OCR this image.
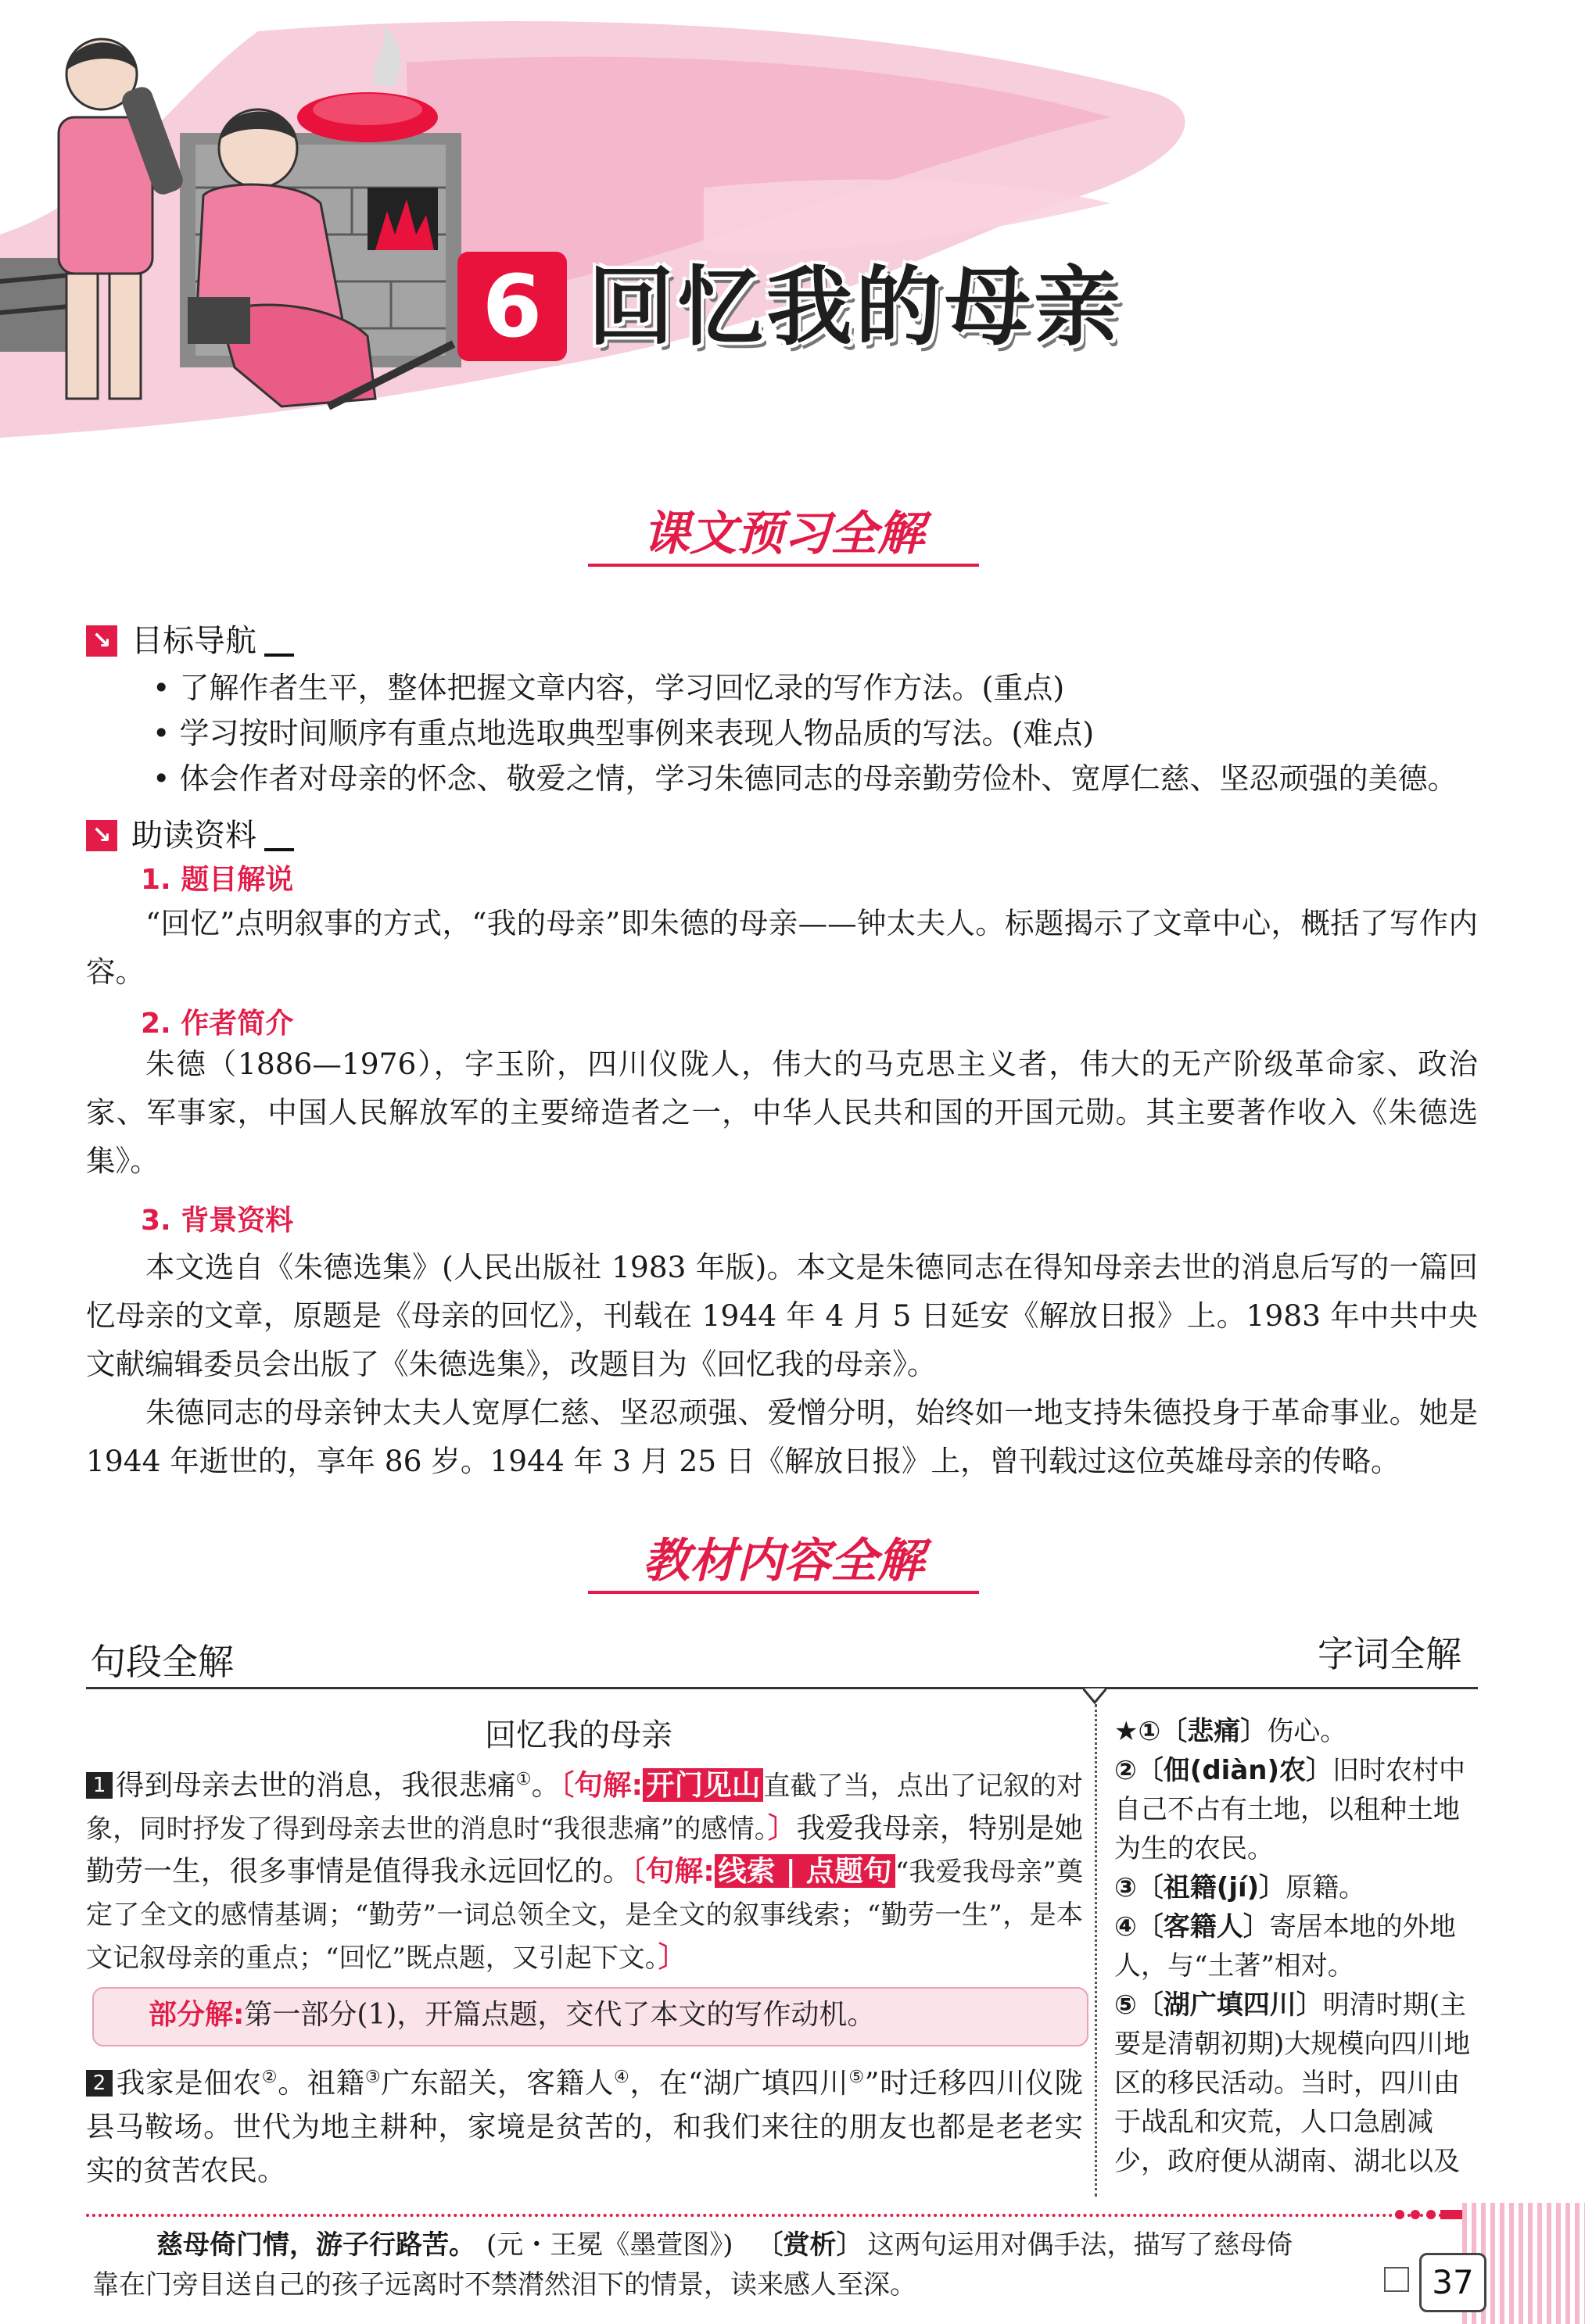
6 回忆我的母亲
课文预习全解
↘ 目标导航
• 了解作者生平，整体把握文章内容，学习回忆录的写作方法。(重点)
• 学习按时间顺序有重点地选取典型事例来表现人物品质的写法。(难点)
• 体会作者对母亲的怀念、敬爱之情，学习朱德同志的母亲勤劳俭朴、宽厚仁慈、坚忍顽强的美德。
↘ 助读资料
1. 题目解说
“回忆”点明叙事的方式，“我的母亲”即朱德的母亲——钟太夫人。标题揭示了文章中心，概括了写作内容。
2. 作者简介
朱德（1886—1976），字玉阶，四川仪陇人，伟大的马克思主义者，伟大的无产阶级革命家、政治家、军事家，中国人民解放军的主要缔造者之一，中华人民共和国的开国元勋。其主要著作收入《朱德选集》。
3. 背景资料
本文选自《朱德选集》(人民出版社 1983 年版)。本文是朱德同志在得知母亲去世的消息后写的一篇回忆母亲的文章，原题是《母亲的回忆》，刊载在 1944 年 4 月 5 日延安《解放日报》上。1983 年中共中央文献编辑委员会出版了《朱德选集》，改题目为《回忆我的母亲》。
朱德同志的母亲钟太夫人宽厚仁慈、坚忍顽强、爱憎分明，始终如一地支持朱德投身于革命事业。她是 1944 年逝世的，享年 86 岁。1944 年 3 月 25 日《解放日报》上，曾刊载过这位英雄母亲的传略。
教材内容全解
句段全解	字词全解
回忆我的母亲
1 得到母亲去世的消息，我很悲痛①。〔句解: 开门见山 直截了当，点出了记叙的对象，同时抒发了得到母亲去世的消息时“我很悲痛”的感情。〕我爱我母亲，特别是她勤劳一生，很多事情是值得我永远回忆的。〔句解: 线索 | 点题句 “我爱我母亲”奠定了全文的感情基调；“勤劳”一词总领全文，是全文的叙事线索；“勤劳一生”，是本文记叙母亲的重点；“回忆”既点题，又引起下文。〕
部分解:第一部分(1)，开篇点题，交代了本文的写作动机。
2 我家是佃农②。祖籍③广东韶关，客籍人④，在“湖广填四川⑤”时迁移四川仪陇县马鞍场。世代为地主耕种，家境是贫苦的，和我们来往的朋友也都是老老实实的贫苦农民。
★①〔悲痛〕伤心。
②〔佃(diàn)农〕旧时农村中自己不占有土地，以租种土地为生的农民。
③〔祖籍(jí)〕原籍。
④〔客籍人〕寄居本地的外地人，与“土著”相对。
⑤〔湖广填四川〕明清时期(主要是清朝初期)大规模向四川地区的移民活动。当时，四川由于战乱和灾荒，人口急剧减少，政府便从湖南、湖北以及
慈母倚门情，游子行路苦。 (元・王冕《墨萱图》) 〔赏析〕 这两句运用对偶手法，描写了慈母倚
靠在门旁目送自己的孩子远离时不禁潸然泪下的情景，读来感人至深。	37
